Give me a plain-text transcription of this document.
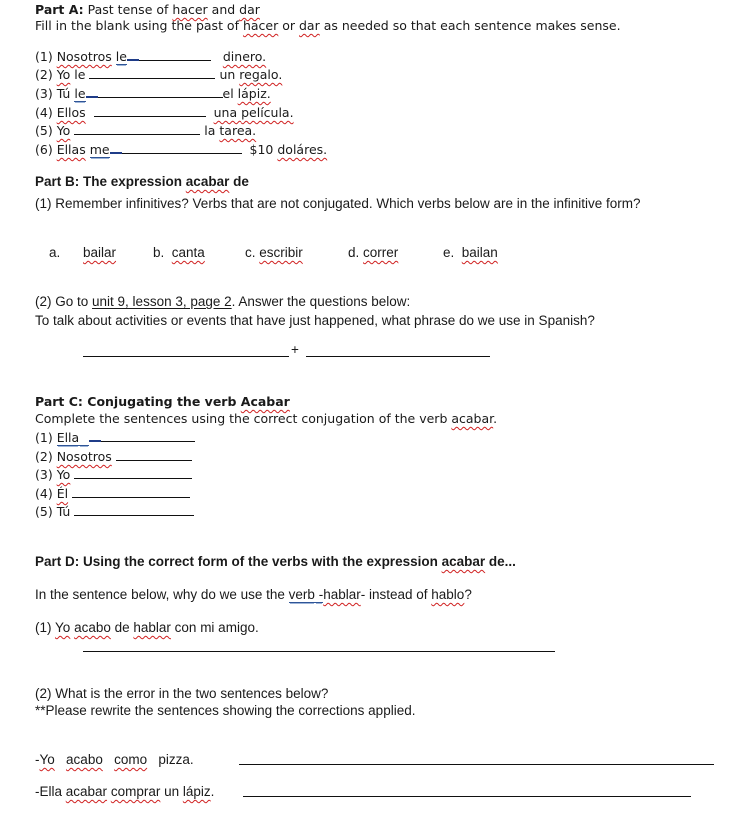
Part A: Past tense of hacer and dar
Fill in the blank using the past of hacer or dar as needed so that each sentence makes sense.
(1) Nosotros le	dinero.
(2) Yo le	un regalo.
(3) Tú le	el lápiz.
(4) Ellos	una película.
(5) Yo	la tarea.
(6) Ellas me	$10 doláres.
Part B: The expression acabar de
(1) Remember infinitives? Verbs that are not conjugated. Which verbs below are in the infinitive form?
a. bailar	b. canta	c. escribir	d. correr	e. bailan
(2) Go to unit 9, lesson 3, page 2. Answer the questions below:
To talk about activities or events that have just happened, what phrase do we use in Spanish?
+
Part C: Conjugating the verb Acabar
Complete the sentences using the correct conjugation of the verb acabar.
(1) Ella
(2) Nosotros
(3) Yo
(4) Él
(5) Tú
Part D: Using the correct form of the verbs with the expression acabar de...
In the sentence below, why do we use the verb -hablar- instead of hablo?
(1) Yo acabo de hablar con mi amigo.
(2) What is the error in the two sentences below?
**Please rewrite the sentences showing the corrections applied.
-Yo acabo como pizza.
-Ella acabar comprar un lápiz.
